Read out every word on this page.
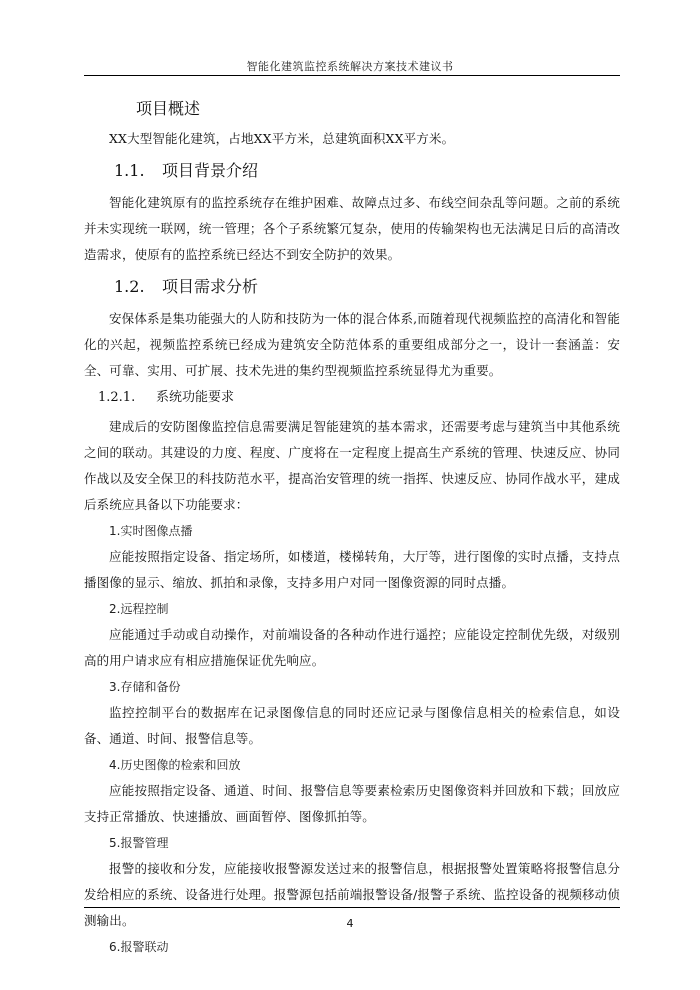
智能化建筑监控系统解决方案技术建议书
项目概述

XX大型智能化建筑，占地XX平方米，总建筑面积XX平方米。

1.1. 项目背景介绍

智能化建筑原有的监控系统存在维护困难、故障点过多、布线空间杂乱等问题。之前的系统并未实现统一联网，统一管理；各个子系统繁冗复杂，使用的传输架构也无法满足日后的高清改造需求，使原有的监控系统已经达不到安全防护的效果。

1.2. 项目需求分析

安保体系是集功能强大的人防和技防为一体的混合体系,而随着现代视频监控的高清化和智能化的兴起，视频监控系统已经成为建筑安全防范体系的重要组成部分之一，设计一套涵盖：安全、可靠、实用、可扩展、技术先进的集约型视频监控系统显得尤为重要。

1.2.1. 系统功能要求

建成后的安防图像监控信息需要满足智能建筑的基本需求，还需要考虑与建筑当中其他系统之间的联动。其建设的力度、程度、广度将在一定程度上提高生产系统的管理、快速反应、协同作战以及安全保卫的科技防范水平，提高治安管理的统一指挥、快速反应、协同作战水平，建成后系统应具备以下功能要求：

1.实时图像点播

应能按照指定设备、指定场所，如楼道，楼梯转角，大厅等，进行图像的实时点播，支持点播图像的显示、缩放、抓拍和录像，支持多用户对同一图像资源的同时点播。

2.远程控制

应能通过手动或自动操作，对前端设备的各种动作进行遥控；应能设定控制优先级，对级别高的用户请求应有相应措施保证优先响应。

3.存储和备份

监控控制平台的数据库在记录图像信息的同时还应记录与图像信息相关的检索信息，如设备、通道、时间、报警信息等。

4.历史图像的检索和回放

应能按照指定设备、通道、时间、报警信息等要素检索历史图像资料并回放和下载；回放应支持正常播放、快速播放、画面暂停、图像抓拍等。

5.报警管理

报警的接收和分发，应能接收报警源发送过来的报警信息，根据报警处置策略将报警信息分发给相应的系统、设备进行处理。报警源包括前端报警设备/报警子系统、监控设备的视频移动侦测输出。

6.报警联动
4
